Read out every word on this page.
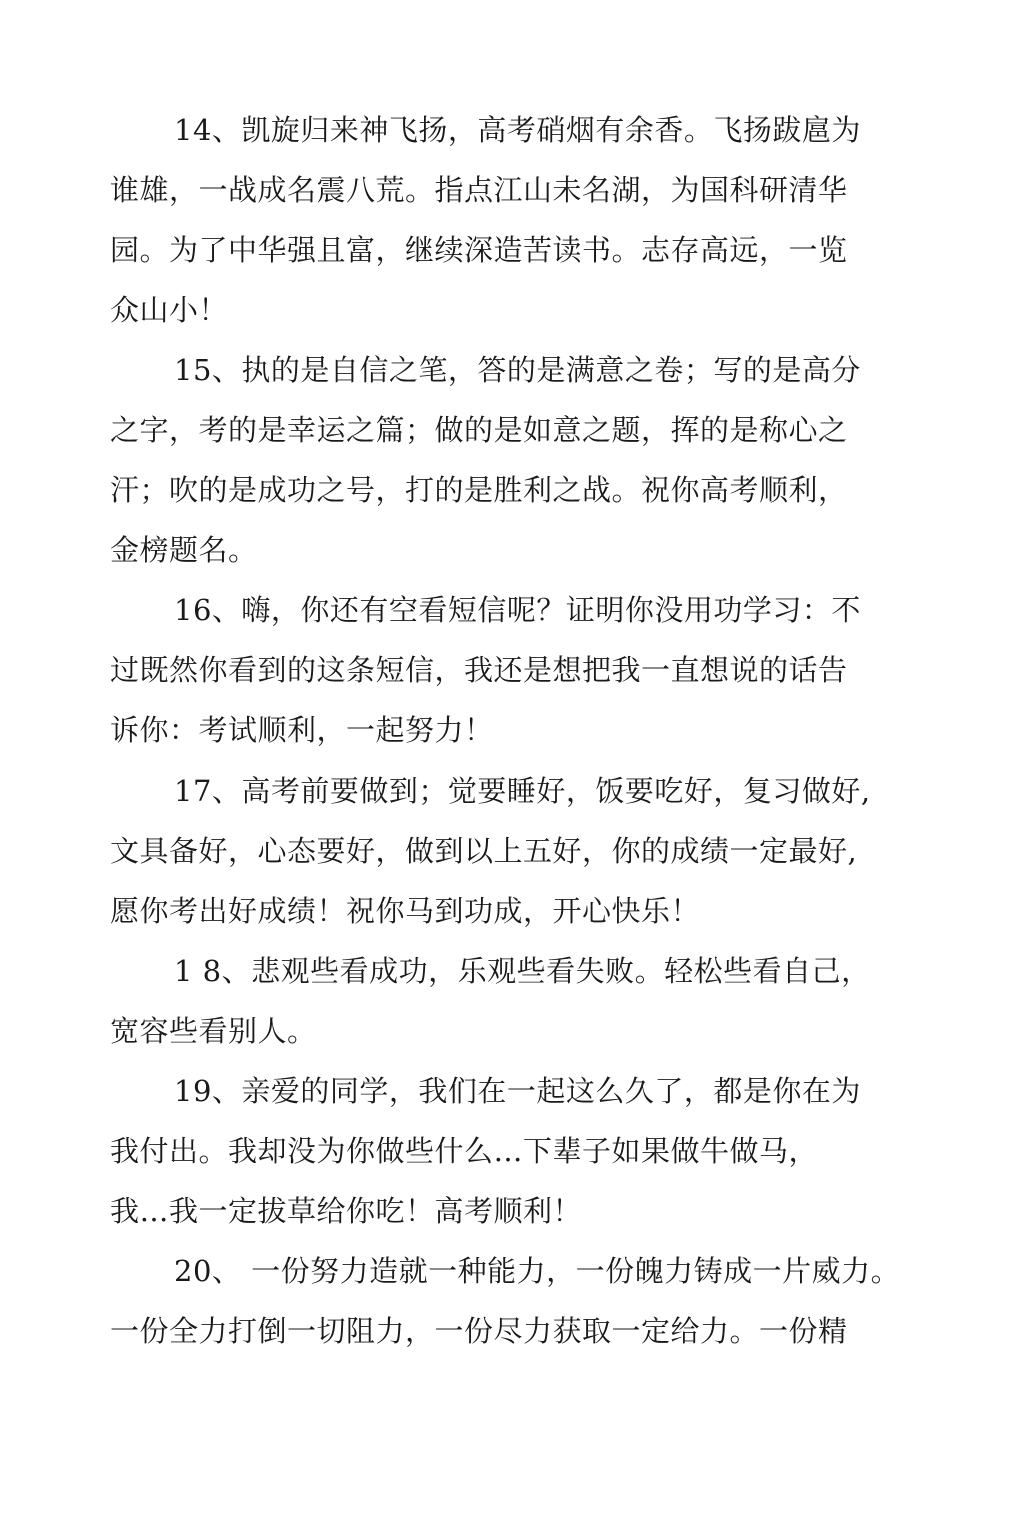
14、凯旋归来神飞扬，高考硝烟有余香。飞扬跋扈为
谁雄，一战成名震八荒。指点江山未名湖，为国科研清华
园。为了中华强且富，继续深造苦读书。志存高远，一览
众山小！
15、执的是自信之笔，答的是满意之卷；写的是高分
之字，考的是幸运之篇；做的是如意之题，挥的是称心之
汗；吹的是成功之号，打的是胜利之战。祝你高考顺利，
金榜题名。
16、嗨，你还有空看短信呢？证明你没用功学习：不
过既然你看到的这条短信，我还是想把我一直想说的话告
诉你：考试顺利，一起努力！
17、高考前要做到；觉要睡好，饭要吃好，复习做好,
文具备好，心态要好，做到以上五好，你的成绩一定最好,
愿你考出好成绩！祝你马到功成，开心快乐！
1 8、悲观些看成功，乐观些看失败。轻松些看自己，
宽容些看别人。
19、亲爱的同学，我们在一起这么久了，都是你在为
我付出。我却没为你做些什么…下辈子如果做牛做马，
我…我一定拔草给你吃！高考顺利！
20、 一份努力造就一种能力，一份魄力铸成一片威力。
一份全力打倒一切阻力，一份尽力获取一定给力。一份精
